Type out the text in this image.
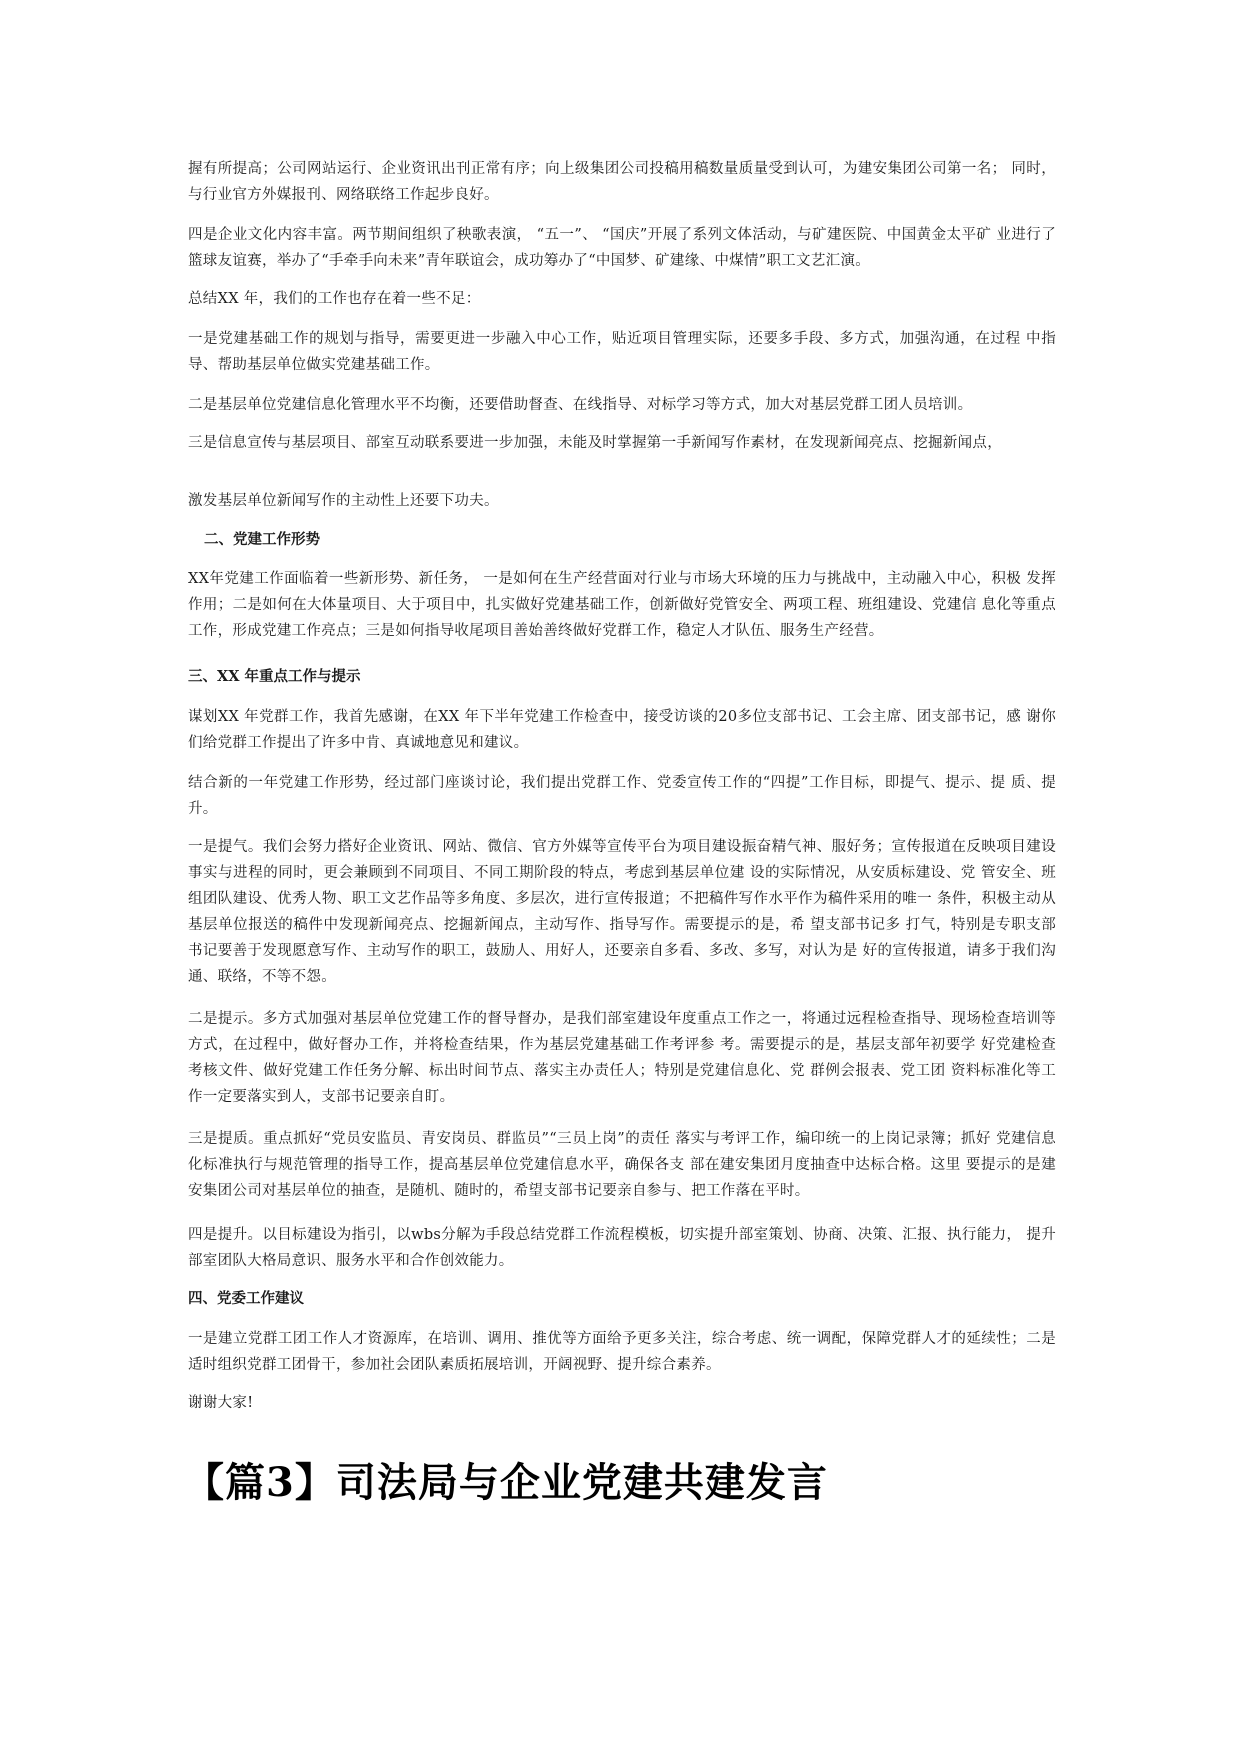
握有所提高；公司网站运行、企业资讯出刊正常有序；向上级集团公司投稿用稿数量质量受到认可，为建安集团公司第一名； 同时，与行业官方外媒报刊、网络联络工作起步良好。

四是企业文化内容丰富。两节期间组织了秧歌表演， “五一”、 “国庆”开展了系列文体活动，与矿建医院、中国黄金太平矿 业进行了篮球友谊赛，举办了“手牵手向未来”青年联谊会，成功筹办了“中国梦、矿建缘、中煤情”职工文艺汇演。

总结XX 年，我们的工作也存在着一些不足：

一是党建基础工作的规划与指导，需要更进一步融入中心工作，贴近项目管理实际，还要多手段、多方式，加强沟通，在过程 中指导、帮助基层单位做实党建基础工作。

二是基层单位党建信息化管理水平不均衡，还要借助督查、在线指导、对标学习等方式，加大对基层党群工团人员培训。

三是信息宣传与基层项目、部室互动联系要进一步加强，未能及时掌握第一手新闻写作素材，在发现新闻亮点、挖掘新闻点，

激发基层单位新闻写作的主动性上还要下功夫。

二、党建工作形势

XX年党建工作面临着一些新形势、新任务， 一是如何在生产经营面对行业与市场大环境的压力与挑战中，主动融入中心，积极 发挥作用；二是如何在大体量项目、大于项目中，扎实做好党建基础工作，创新做好党管安全、两项工程、班组建设、党建信 息化等重点工作，形成党建工作亮点；三是如何指导收尾项目善始善终做好党群工作，稳定人才队伍、服务生产经营。

三、XX 年重点工作与提示

谋划XX 年党群工作，我首先感谢，在XX 年下半年党建工作检查中，接受访谈的20多位支部书记、工会主席、团支部书记，感 谢你们给党群工作提出了许多中肯、真诚地意见和建议。

结合新的一年党建工作形势，经过部门座谈讨论，我们提出党群工作、党委宣传工作的“四提”工作目标，即提气、提示、提 质、提升。

一是提气。我们会努力搭好企业资讯、网站、微信、官方外媒等宣传平台为项目建设振奋精气神、服好务；宣传报道在反映项目建设事实与进程的同时，更会兼顾到不同项目、不同工期阶段的特点，考虑到基层单位建 设的实际情况，从安质标建设、党 管安全、班组团队建设、优秀人物、职工文艺作品等多角度、多层次，进行宣传报道；不把稿件写作水平作为稿件采用的唯一 条件，积极主动从基层单位报送的稿件中发现新闻亮点、挖掘新闻点，主动写作、指导写作。需要提示的是，希 望支部书记多 打气，特别是专职支部书记要善于发现愿意写作、主动写作的职工，鼓励人、用好人，还要亲自多看、多改、多写，对认为是 好的宣传报道，请多于我们沟通、联络，不等不怨。

二是提示。多方式加强对基层单位党建工作的督导督办，是我们部室建设年度重点工作之一，将通过远程检查指导、现场检查培训等方式，在过程中，做好督办工作，并将检查结果，作为基层党建基础工作考评参 考。需要提示的是，基层支部年初要学 好党建检查考核文件、做好党建工作任务分解、标出时间节点、落实主办责任人；特别是党建信息化、党 群例会报表、党工团 资料标准化等工作一定要落实到人，支部书记要亲自盯。

三是提质。重点抓好“党员安监员、青安岗员、群监员”“三员上岗”的责任 落实与考评工作，编印统一的上岗记录簿；抓好 党建信息化标准执行与规范管理的指导工作，提高基层单位党建信息水平，确保各支 部在建安集团月度抽查中达标合格。这里 要提示的是建安集团公司对基层单位的抽查，是随机、随时的，希望支部书记要亲自参与、把工作落在平时。

四是提升。以目标建设为指引，以wbs分解为手段总结党群工作流程模板，切实提升部室策划、协商、决策、汇报、执行能力， 提升部室团队大格局意识、服务水平和合作创效能力。

四、党委工作建议

一是建立党群工团工作人才资源库，在培训、调用、推优等方面给予更多关注，综合考虑、统一调配，保障党群人才的延续性；二是适时组织党群工团骨干，参加社会团队素质拓展培训，开阔视野、提升综合素养。

谢谢大家!

【篇3】司法局与企业党建共建发言
